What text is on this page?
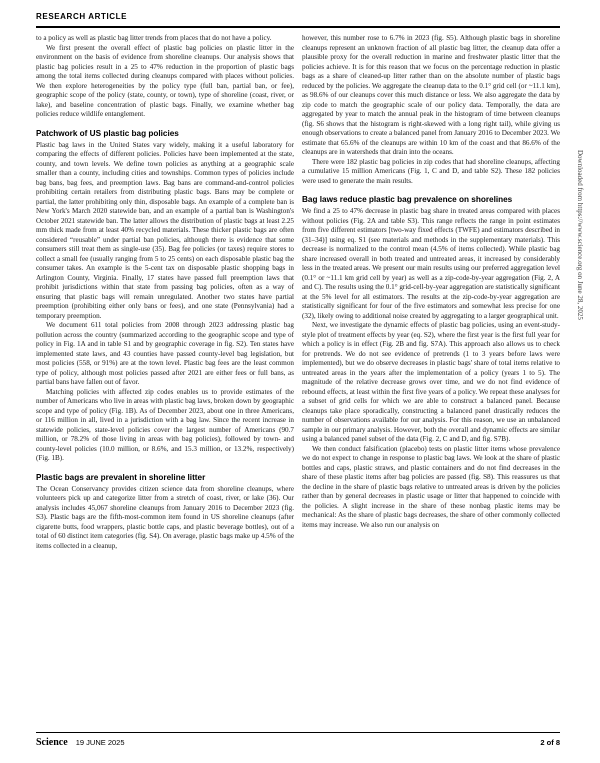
RESEARCH ARTICLE

to a policy as well as plastic bag litter trends from places that do not have a policy.

We first present the overall effect of plastic bag policies on plastic litter in the environment on the basis of evidence from shoreline cleanups. Our analysis shows that plastic bag policies result in a 25 to 47% reduction in the proportion of plastic bags among the total items collected during cleanups compared with places without policies. We then explore heterogeneities by the policy type (full ban, partial ban, or fee), geographic scope of the policy (state, county, or town), type of shoreline (coast, river, or lake), and baseline concentration of plastic bags. Finally, we examine whether bag policies reduce wildlife entanglement.

Patchwork of US plastic bag policies

Plastic bag laws in the United States vary widely, making it a useful laboratory for comparing the effects of different policies. Policies have been implemented at the state, county, and town levels. We define town policies as anything at a geographic scale smaller than a county, including cities and townships. Common types of policies include bag bans, bag fees, and preemption laws. Bag bans are command-and-control policies prohibiting certain retailers from distributing plastic bags. Bans may be complete or partial, the latter prohibiting only thin, disposable bags. An example of a complete ban is New York's March 2020 statewide ban, and an example of a partial ban is Washington's October 2021 statewide ban. The latter allows the distribution of plastic bags at least 2.25 mm thick made from at least 40% recycled materials. These thicker plastic bags are often considered “reusable” under partial ban policies, although there is evidence that some consumers still treat them as single-use (35). Bag fee policies (or taxes) require stores to collect a small fee (usually ranging from 5 to 25 cents) on each disposable plastic bag the consumer takes. An example is the 5-cent tax on disposable plastic shopping bags in Arlington County, Virginia. Finally, 17 states have passed full preemption laws that prohibit jurisdictions within that state from passing bag policies, often as a way of ensuring that plastic bags will remain unregulated. Another two states have partial preemption (prohibiting either only bans or fees), and one state (Pennsylvania) had a temporary preemption.

We document 611 total policies from 2008 through 2023 addressing plastic bag pollution across the country (summarized according to the geographic scope and type of policy in Fig. 1A and in table S1 and by geographic coverage in fig. S2). Ten states have implemented state laws, and 43 counties have passed county-level bag legislation, but most policies (558, or 91%) are at the town level. Plastic bag fees are the least common type of policy, although most policies passed after 2021 are either fees or full bans, as partial bans have fallen out of favor.

Matching policies with affected zip codes enables us to provide estimates of the number of Americans who live in areas with plastic bag laws, broken down by geographic scope and type of policy (Fig. 1B). As of December 2023, about one in three Americans, or 116 million in all, lived in a jurisdiction with a bag law. Since the recent increase in statewide policies, state-level policies cover the largest number of Americans (90.7 million, or 78.2% of those living in areas with bag policies), followed by town- and county-level policies (10.0 million, or 8.6%, and 15.3 million, or 13.2%, respectively) (Fig. 1B).

Plastic bags are prevalent in shoreline litter

The Ocean Conservancy provides citizen science data from shoreline cleanups, where volunteers pick up and categorize litter from a stretch of coast, river, or lake (36). Our analysis includes 45,067 shoreline cleanups from January 2016 to December 2023 (fig. S3). Plastic bags are the fifth-most-common item found in US shoreline cleanups (after cigarette butts, food wrappers, plastic bottle caps, and plastic beverage bottles), out of a total of 60 distinct item categories (fig. S4). On average, plastic bags make up 4.5% of the items collected in a cleanup,

however, this number rose to 6.7% in 2023 (fig. S5). Although plastic bags in shoreline cleanups represent an unknown fraction of all plastic bag litter, the cleanup data offer a plausible proxy for the overall reduction in marine and freshwater plastic litter that the policies achieve. It is for this reason that we focus on the percentage reduction in plastic bags as a share of cleaned-up litter rather than on the absolute number of plastic bags reduced by the policies. We aggregate the cleanup data to the 0.1° grid cell (or ~11.1 km), as 98.6% of our cleanups cover this much distance or less. We also aggregate the data by zip code to match the geographic scale of our policy data. Temporally, the data are aggregated by year to match the annual peak in the histogram of time between cleanups (fig. S6 shows that the histogram is right-skewed with a long right tail), while giving us enough observations to create a balanced panel from January 2016 to December 2023. We estimate that 65.6% of the cleanups are within 10 km of the coast and that 86.6% of the cleanups are in watersheds that drain into the oceans.

There were 182 plastic bag policies in zip codes that had shoreline cleanups, affecting a cumulative 15 million Americans (Fig. 1, C and D, and table S2). These 182 policies were used to generate the main results.

Bag laws reduce plastic bag prevalence on shorelines

We find a 25 to 47% decrease in plastic bag share in treated areas compared with places without policies (Fig. 2A and table S3). This range reflects the range in point estimates from five different estimators [two-way fixed effects (TWFE) and estimators described in (31–34)] using eq. S1 (see materials and methods in the supplementary materials). This decrease is normalized to the control mean (4.5% of items collected). While plastic bag share increased overall in both treated and untreated areas, it increased by considerably less in the treated areas. We present our main results using our preferred aggregation level (0.1° or ~11.1 km grid cell by year) as well as a zip-code-by-year aggregation (Fig. 2, A and C). The results using the 0.1° grid-cell-by-year aggregation are statistically significant at the 5% level for all estimators. The results at the zip-code-by-year aggregation are statistically significant for four of the five estimators and somewhat less precise for one (32), likely owing to additional noise created by aggregating to a larger geographical unit.

Next, we investigate the dynamic effects of plastic bag policies, using an event-study-style plot of treatment effects by year (eq. S2), where the first year is the first full year for which a policy is in effect (Fig. 2B and fig. S7A). This approach also allows us to check for pretrends. We do not see evidence of pretrends (1 to 3 years before laws were implemented), but we do observe decreases in plastic bags' share of total items relative to untreated areas in the years after the implementation of a policy (years 1 to 5). The magnitude of the relative decrease grows over time, and we do not find evidence of rebound effects, at least within the first five years of a policy. We repeat these analyses for a subset of grid cells for which we are able to construct a balanced panel. Because cleanups take place sporadically, constructing a balanced panel drastically reduces the number of observations available for our analysis. For this reason, we use an unbalanced sample in our primary analysis. However, both the overall and dynamic effects are similar using a balanced panel subset of the data (Fig. 2, C and D, and fig. S7B).

We then conduct falsification (placebo) tests on plastic litter items whose prevalence we do not expect to change in response to plastic bag laws. We look at the share of plastic bottles and caps, plastic straws, and plastic containers and do not find decreases in the share of these plastic items after bag policies are passed (fig. S8). This reassures us that the decline in the share of plastic bags relative to untreated areas is driven by the policies rather than by general decreases in plastic usage or litter that happened to coincide with the policies. A slight increase in the share of these nonbag plastic items may be mechanical: As the share of plastic bags decreases, the share of other commonly collected items may increase. We also run our analysis on

Downloaded from https://www.science.org on June 28, 2025
Science 19 JUNE 2025	2 of 8
